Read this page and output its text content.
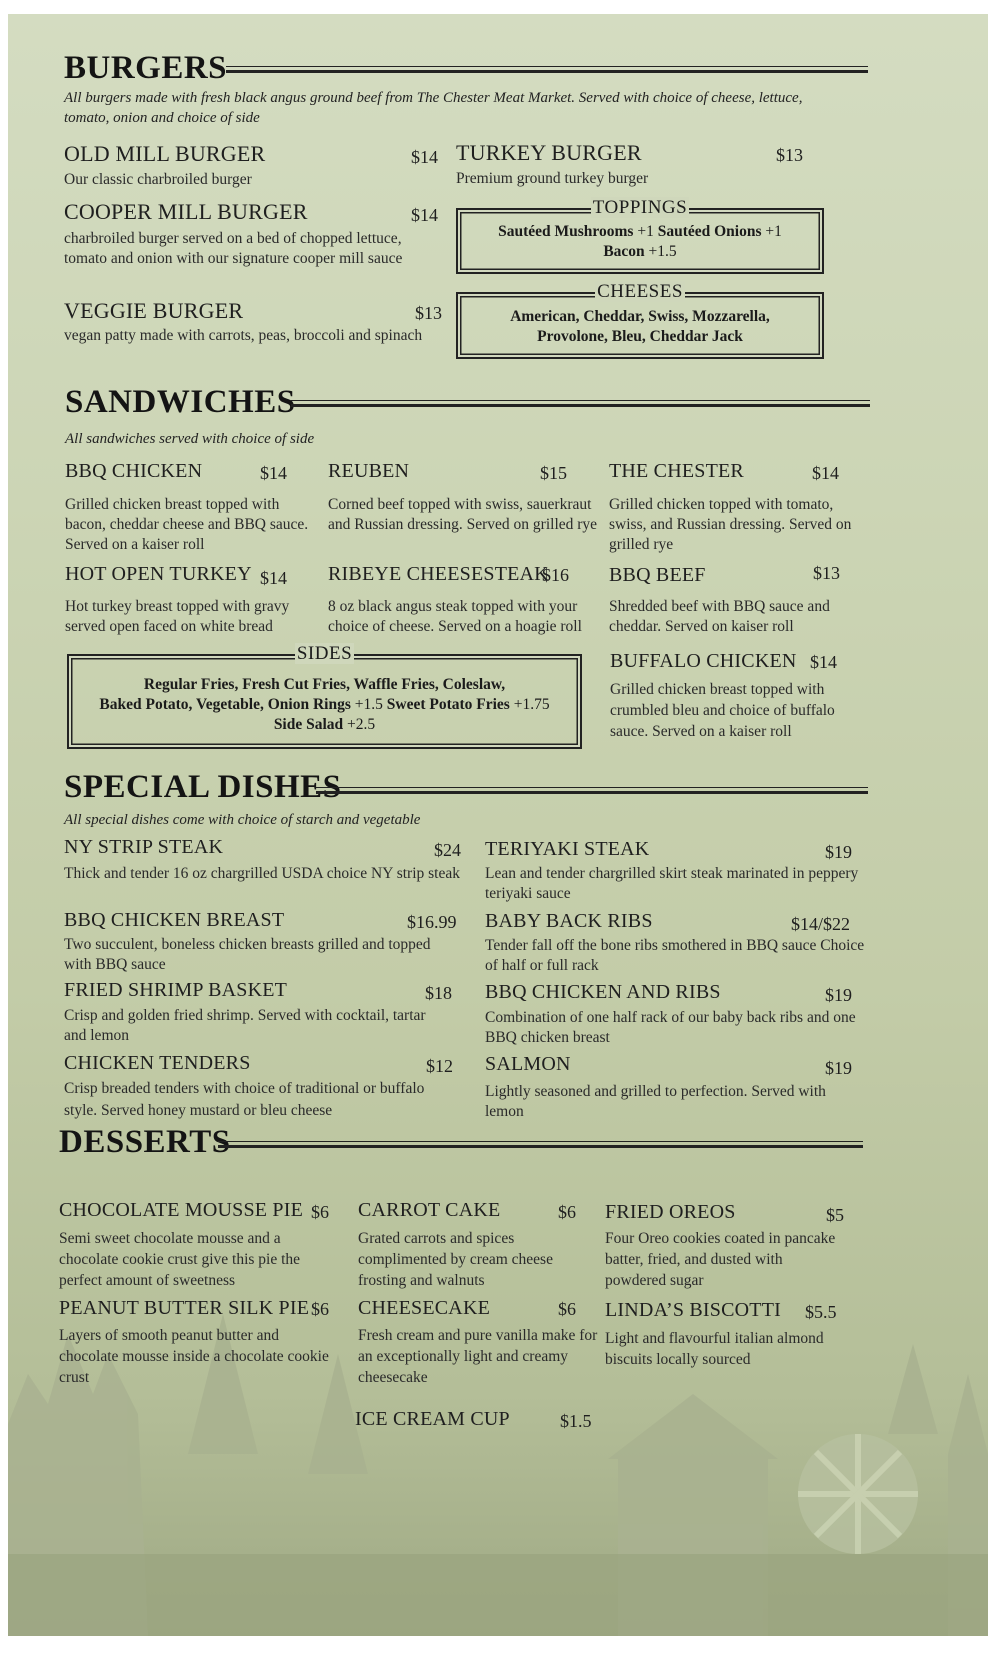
BURGERS
All burgers made with fresh black angus ground beef from The Chester Meat Market. Served with choice of cheese, lettuce, tomato, onion and choice of side
OLD MILL BURGER	$14
Our classic charbroiled burger
COOPER MILL BURGER	$14
charbroiled burger served on a bed of chopped lettuce, tomato and onion with our signature cooper mill sauce
VEGGIE BURGER	$13
vegan patty made with carrots, peas, broccoli and spinach
TURKEY BURGER	$13
Premium ground turkey burger
TOPPINGS
Sautéed Mushrooms +1 Sautéed Onions +1
Bacon +1.5
CHEESES
American, Cheddar, Swiss, Mozzarella, Provolone, Bleu, Cheddar Jack
SANDWICHES
All sandwiches served with choice of side
BBQ CHICKEN	$14
Grilled chicken breast topped with bacon, cheddar cheese and BBQ sauce. Served on a kaiser roll
REUBEN	$15
Corned beef topped with swiss, sauerkraut and Russian dressing. Served on grilled rye
THE CHESTER	$14
Grilled chicken topped with tomato, swiss, and Russian dressing. Served on grilled rye
HOT OPEN TURKEY $14
Hot turkey breast topped with gravy served open faced on white bread
RIBEYE CHEESESTEAK
$16
8 oz black angus steak topped with your choice of cheese. Served on a hoagie roll
BBQ BEEF	$13
Shredded beef with BBQ sauce and cheddar. Served on kaiser roll
BUFFALO CHICKEN $14
Grilled chicken breast topped with crumbled bleu and choice of buffalo sauce. Served on a kaiser roll
SIDES
Regular Fries, Fresh Cut Fries, Waffle Fries, Coleslaw,
Baked Potato, Vegetable, Onion Rings +1.5 Sweet Potato Fries +1.75
Side Salad +2.5
SPECIAL DISHES
All special dishes come with choice of starch and vegetable
NY STRIP STEAK	$24
Thick and tender 16 oz chargrilled USDA choice NY strip steak
BBQ CHICKEN BREAST	$16.99
Two succulent, boneless chicken breasts grilled and topped with BBQ sauce
FRIED SHRIMP BASKET	$18
Crisp and golden fried shrimp. Served with cocktail, tartar and lemon
CHICKEN TENDERS	$12
Crisp breaded tenders with choice of traditional or buffalo style. Served honey mustard or bleu cheese
TERIYAKI STEAK	$19
Lean and tender chargrilled skirt steak marinated in peppery teriyaki sauce
BABY BACK RIBS	$14/$22
Tender fall off the bone ribs smothered in BBQ sauce Choice of half or full rack
BBQ CHICKEN AND RIBS	$19
Combination of one half rack of our baby back ribs and one BBQ chicken breast
SALMON	$19
Lightly seasoned and grilled to perfection. Served with lemon
DESSERTS
CHOCOLATE MOUSSE PIE $6
Semi sweet chocolate mousse and a chocolate cookie crust give this pie the perfect amount of sweetness
CARROT CAKE	$6
Grated carrots and spices complimented by cream cheese frosting and walnuts
FRIED OREOS	$5
Four Oreo cookies coated in pancake batter, fried, and dusted with powdered sugar
PEANUT BUTTER SILK PIE $6
Layers of smooth peanut butter and chocolate mousse inside a chocolate cookie crust
CHEESECAKE	$6
Fresh cream and pure vanilla make for an exceptionally light and creamy cheesecake
LINDA’S BISCOTTI $5.5
Light and flavourful italian almond biscuits locally sourced
ICE CREAM CUP	$1.5
